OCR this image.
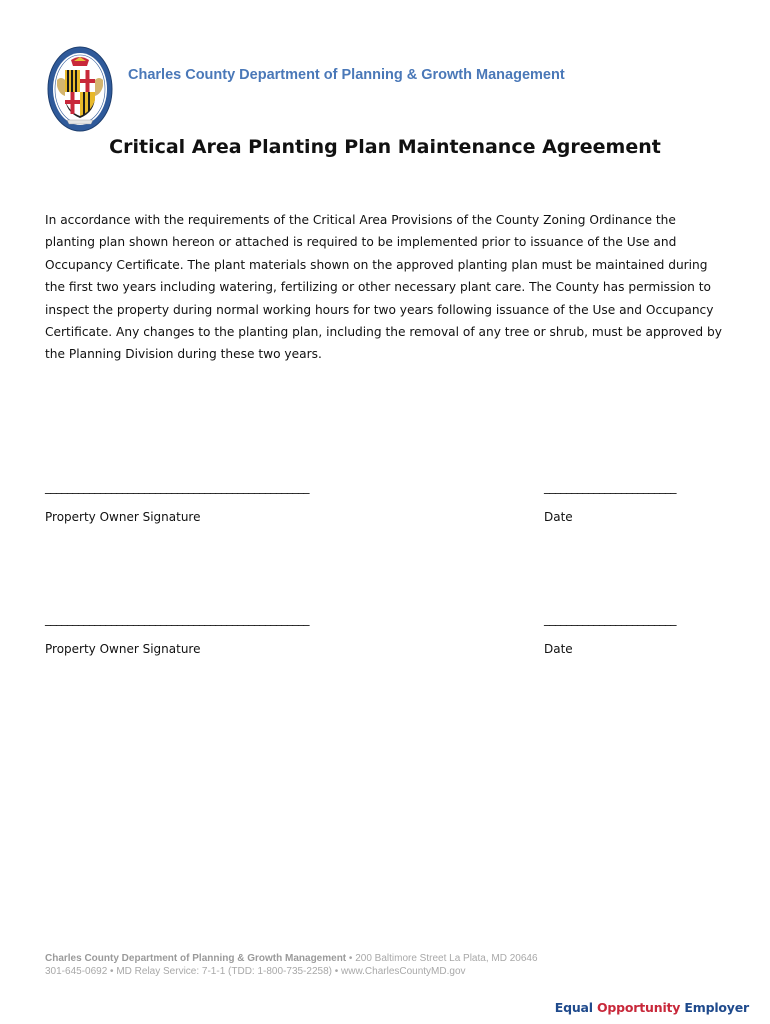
Charles County Department of Planning & Growth Management
Critical Area Planting Plan Maintenance Agreement

In accordance with the requirements of the Critical Area Provisions of the County Zoning Ordinance the planting plan shown hereon or attached is required to be implemented prior to issuance of the Use and Occupancy Certificate. The plant materials shown on the approved planting plan must be maintained during the first two years including watering, fertilizing or other necessary plant care. The County has permission to inspect the property during normal working hours for two years following issuance of the Use and Occupancy Certificate. Any changes to the planting plan, including the removal of any tree or shrub, must be approved by the Planning Division during these two years.

________________________________________________	________________________
Property Owner Signature	Date
________________________________________________	________________________
Property Owner Signature	Date
Charles County Department of Planning & Growth Management • 200 Baltimore Street La Plata, MD 20646
301-645-0692 • MD Relay Service: 7-1-1 (TDD: 1-800-735-2258) • www.CharlesCountyMD.gov
Equal Opportunity Employer
